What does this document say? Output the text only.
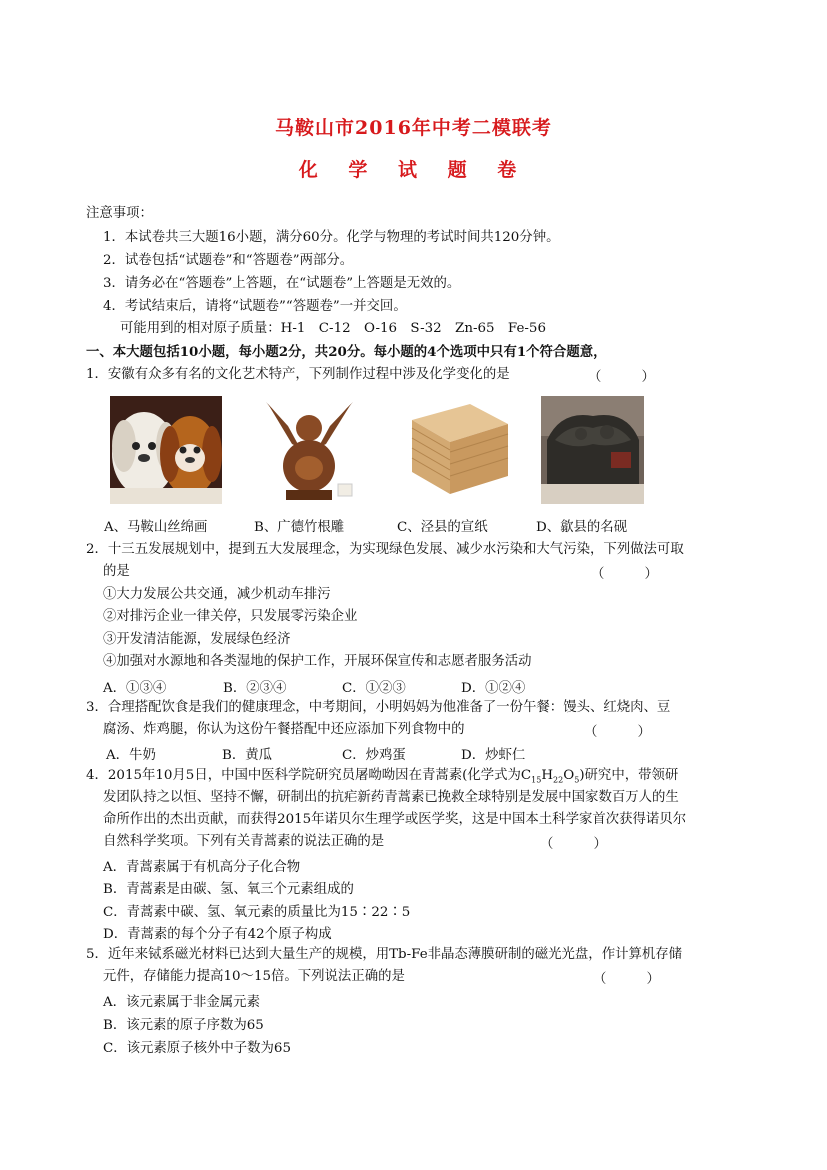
马鞍山市2016年中考二模联考
化 学 试 题 卷
注意事项：
1．本试卷共三大题16小题，满分60分。化学与物理的考试时间共120分钟。
2．试卷包括“试题卷”和“答题卷”两部分。
3．请务必在“答题卷”上答题，在“试题卷”上答题是无效的。
4．考试结束后，请将“试题卷”“答题卷”一并交回。
可能用到的相对原子质量：H-1　C-12　O-16　S-32　Zn-65　Fe-56
一、本大题包括10小题，每小题2分，共20分。每小题的4个选项中只有1个符合题意，
1．安徽有众多有名的文化艺术特产，下列制作过程中涉及化学变化的是	（　　　）
A、马鞍山丝绵画	B、广德竹根雕	C、泾县的宣纸	D、歙县的名砚
2．十三五发展规划中，提到五大发展理念，为实现绿色发展、减少水污染和大气污染，下列做法可取
的是	（　　　）
①大力发展公共交通，减少机动车排污
②对排污企业一律关停，只发展零污染企业
③开发清洁能源，发展绿色经济
④加强对水源地和各类湿地的保护工作，开展环保宣传和志愿者服务活动
A．①③④	B．②③④	C．①②③	D．①②④
3．合理搭配饮食是我们的健康理念，中考期间，小明妈妈为他准备了一份午餐：馒头、红烧肉、豆
腐汤、炸鸡腿，你认为这份午餐搭配中还应添加下列食物中的	（　　　）
A．牛奶	B．黄瓜	C．炒鸡蛋	D．炒虾仁
4．2015年10月5日，中国中医科学院研究员屠呦呦因在青蒿素(化学式为$C_{15}H_{22}O_5$)研究中，带领研
发团队持之以恒、坚持不懈，研制出的抗疟新药青蒿素已挽救全球特别是发展中国家数百万人的生
命所作出的杰出贡献，而获得2015年诺贝尔生理学或医学奖，这是中国本土科学家首次获得诺贝尔
自然科学奖项。下列有关青蒿素的说法正确的是	（　　　）
A．青蒿素属于有机高分子化合物
B．青蒿素是由碳、氢、氧三个元素组成的
C．青蒿素中碳、氢、氧元素的质量比为15∶22∶5
D．青蒿素的每个分子有42个原子构成
5．近年来铽系磁光材料已达到大量生产的规模，用Tb-Fe非晶态薄膜研制的磁光光盘，作计算机存储
元件，存储能力提高10～15倍。下列说法正确的是	（　　　）
A．该元素属于非金属元素
B．该元素的原子序数为65
C．该元素原子核外中子数为65
